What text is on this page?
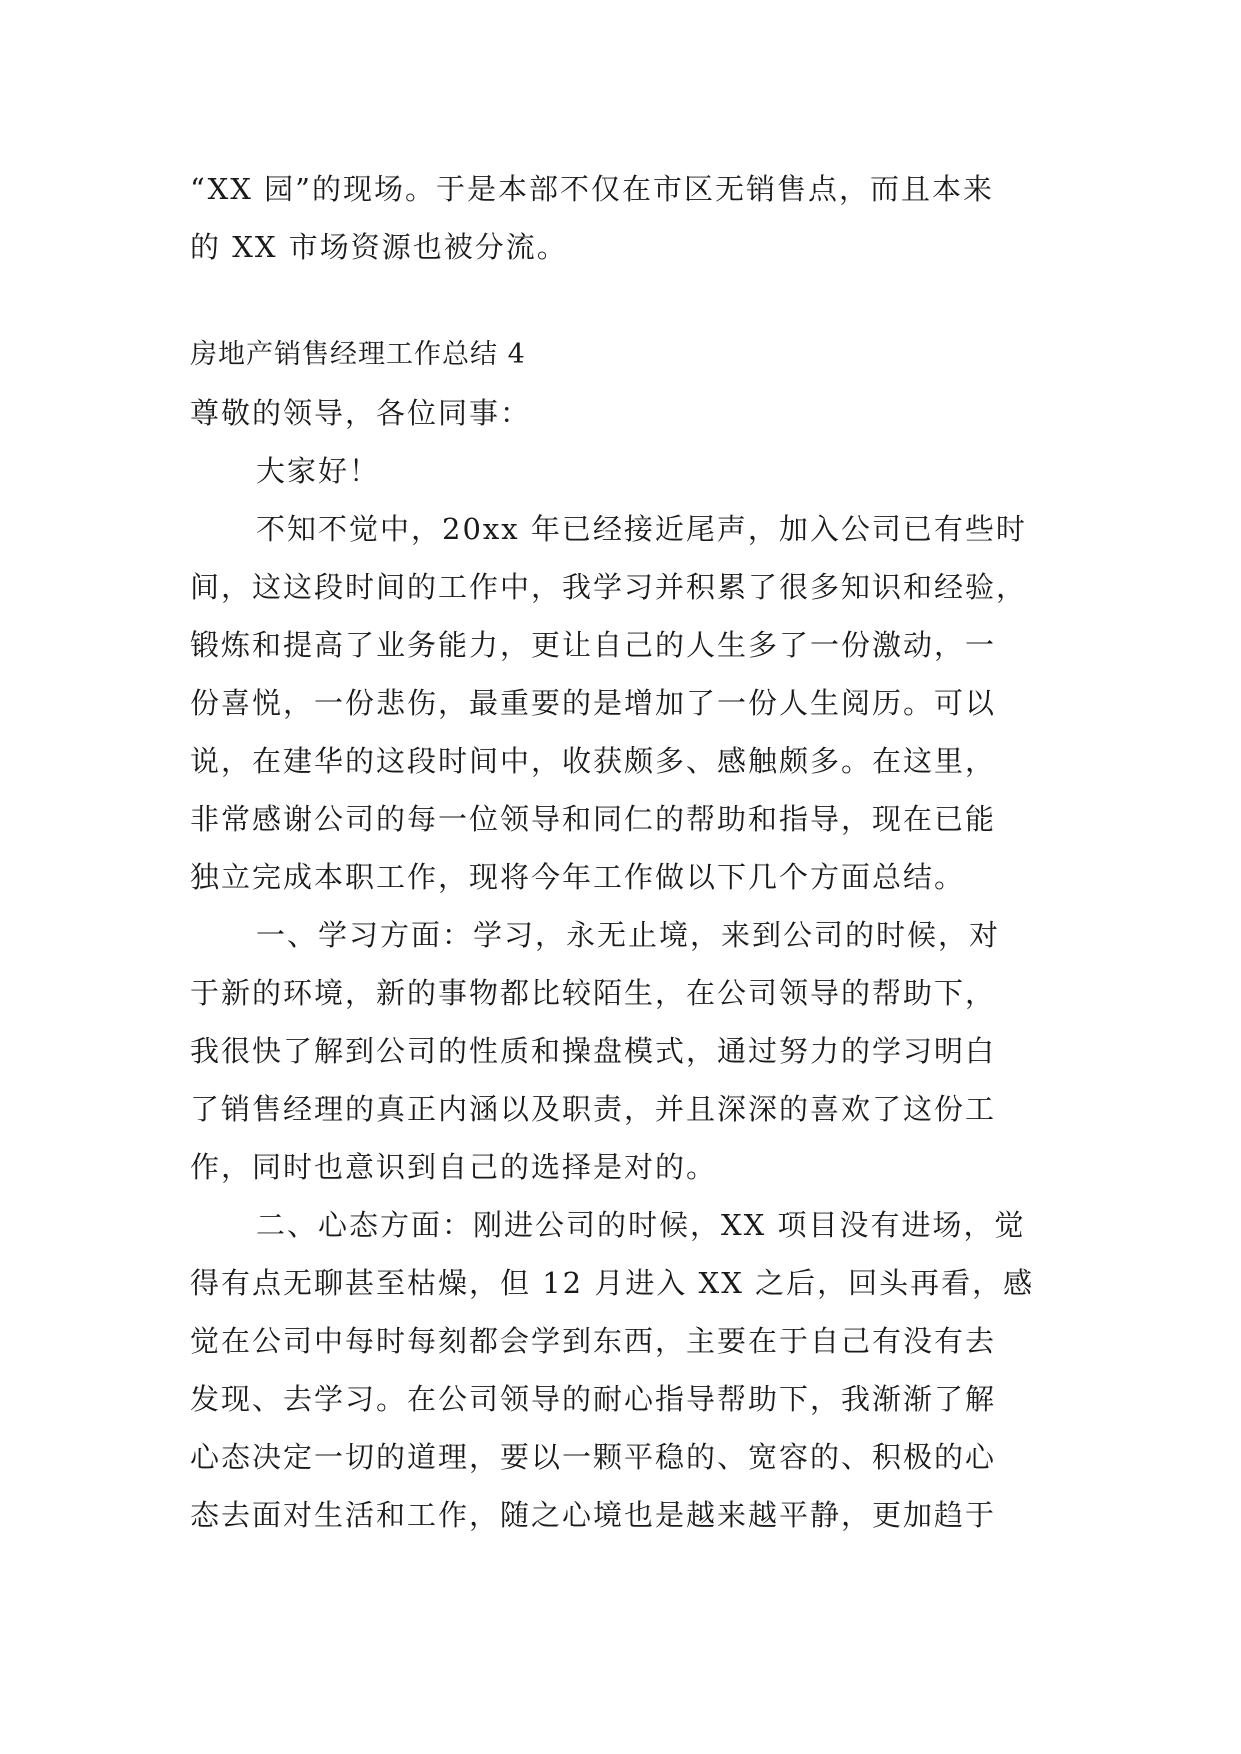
“XX 园”的现场。于是本部不仅在市区无销售点，而且本来
的 XX 市场资源也被分流。
房地产销售经理工作总结 4
尊敬的领导，各位同事：
大家好！
不知不觉中，20xx 年已经接近尾声，加入公司已有些时
间，这这段时间的工作中，我学习并积累了很多知识和经验，
锻炼和提高了业务能力，更让自己的人生多了一份激动，一
份喜悦，一份悲伤，最重要的是增加了一份人生阅历。可以
说，在建华的这段时间中，收获颇多、感触颇多。在这里，
非常感谢公司的每一位领导和同仁的帮助和指导，现在已能
独立完成本职工作，现将今年工作做以下几个方面总结。
一、学习方面：学习，永无止境，来到公司的时候，对
于新的环境，新的事物都比较陌生，在公司领导的帮助下，
我很快了解到公司的性质和操盘模式，通过努力的学习明白
了销售经理的真正内涵以及职责，并且深深的喜欢了这份工
作，同时也意识到自己的选择是对的。
二、心态方面：刚进公司的时候，XX 项目没有进场，觉
得有点无聊甚至枯燥，但 12 月进入 XX 之后，回头再看，感
觉在公司中每时每刻都会学到东西，主要在于自己有没有去
发现、去学习。在公司领导的耐心指导帮助下，我渐渐了解
心态决定一切的道理，要以一颗平稳的、宽容的、积极的心
态去面对生活和工作，随之心境也是越来越平静，更加趋于
